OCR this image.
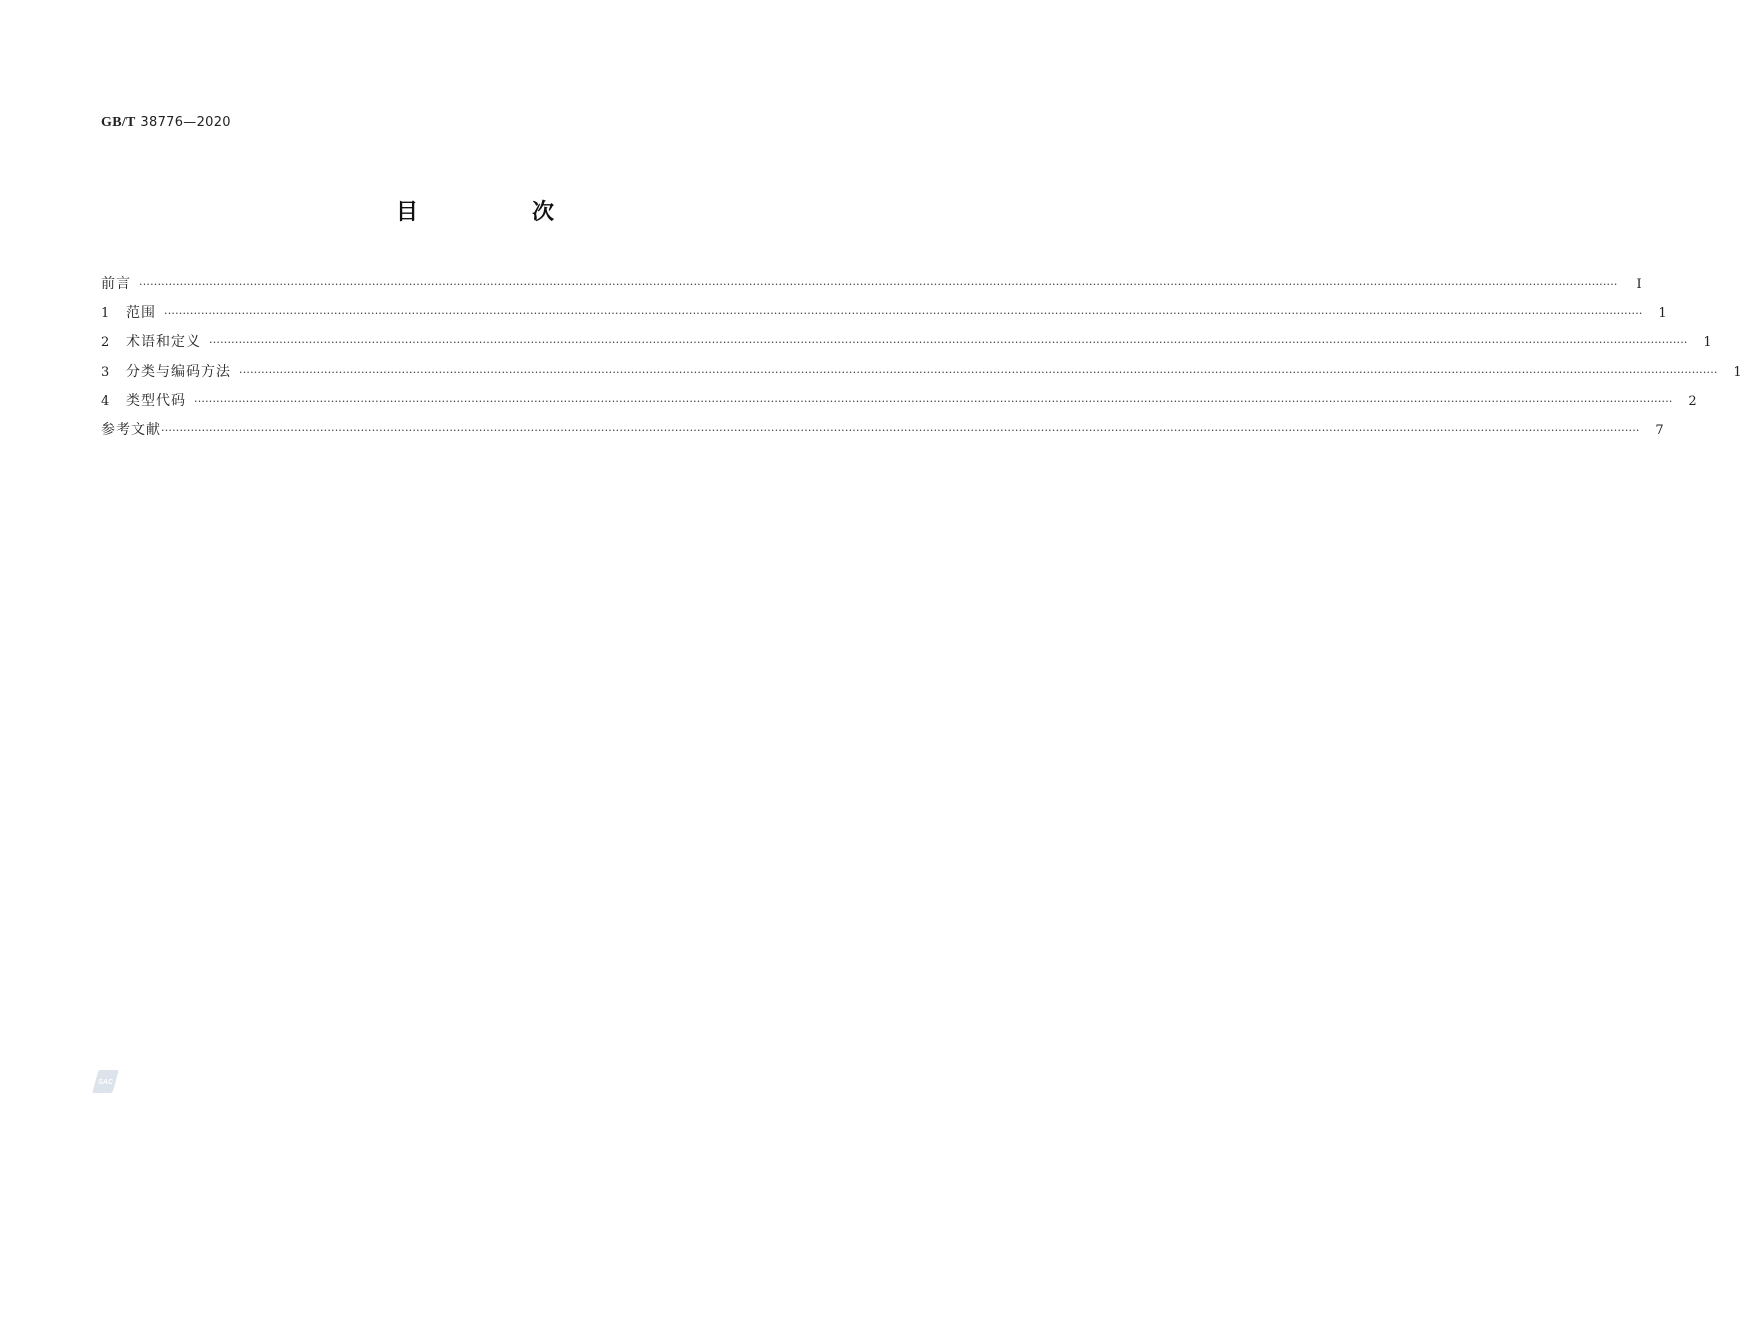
GB/T 38776—2020
目　次
前言 ················································································································································································································································································································································································································	Ⅰ
1	范围 ················································································································································································································································································································································································································	1
2	术语和定义 ················································································································································································································································································································································································································	1
3	分类与编码方法 ················································································································································································································································································································································································································	1
4	类型代码 ················································································································································································································································································································································································································	2
参考文献 ················································································································································································································································································································································································································	7
SAC
